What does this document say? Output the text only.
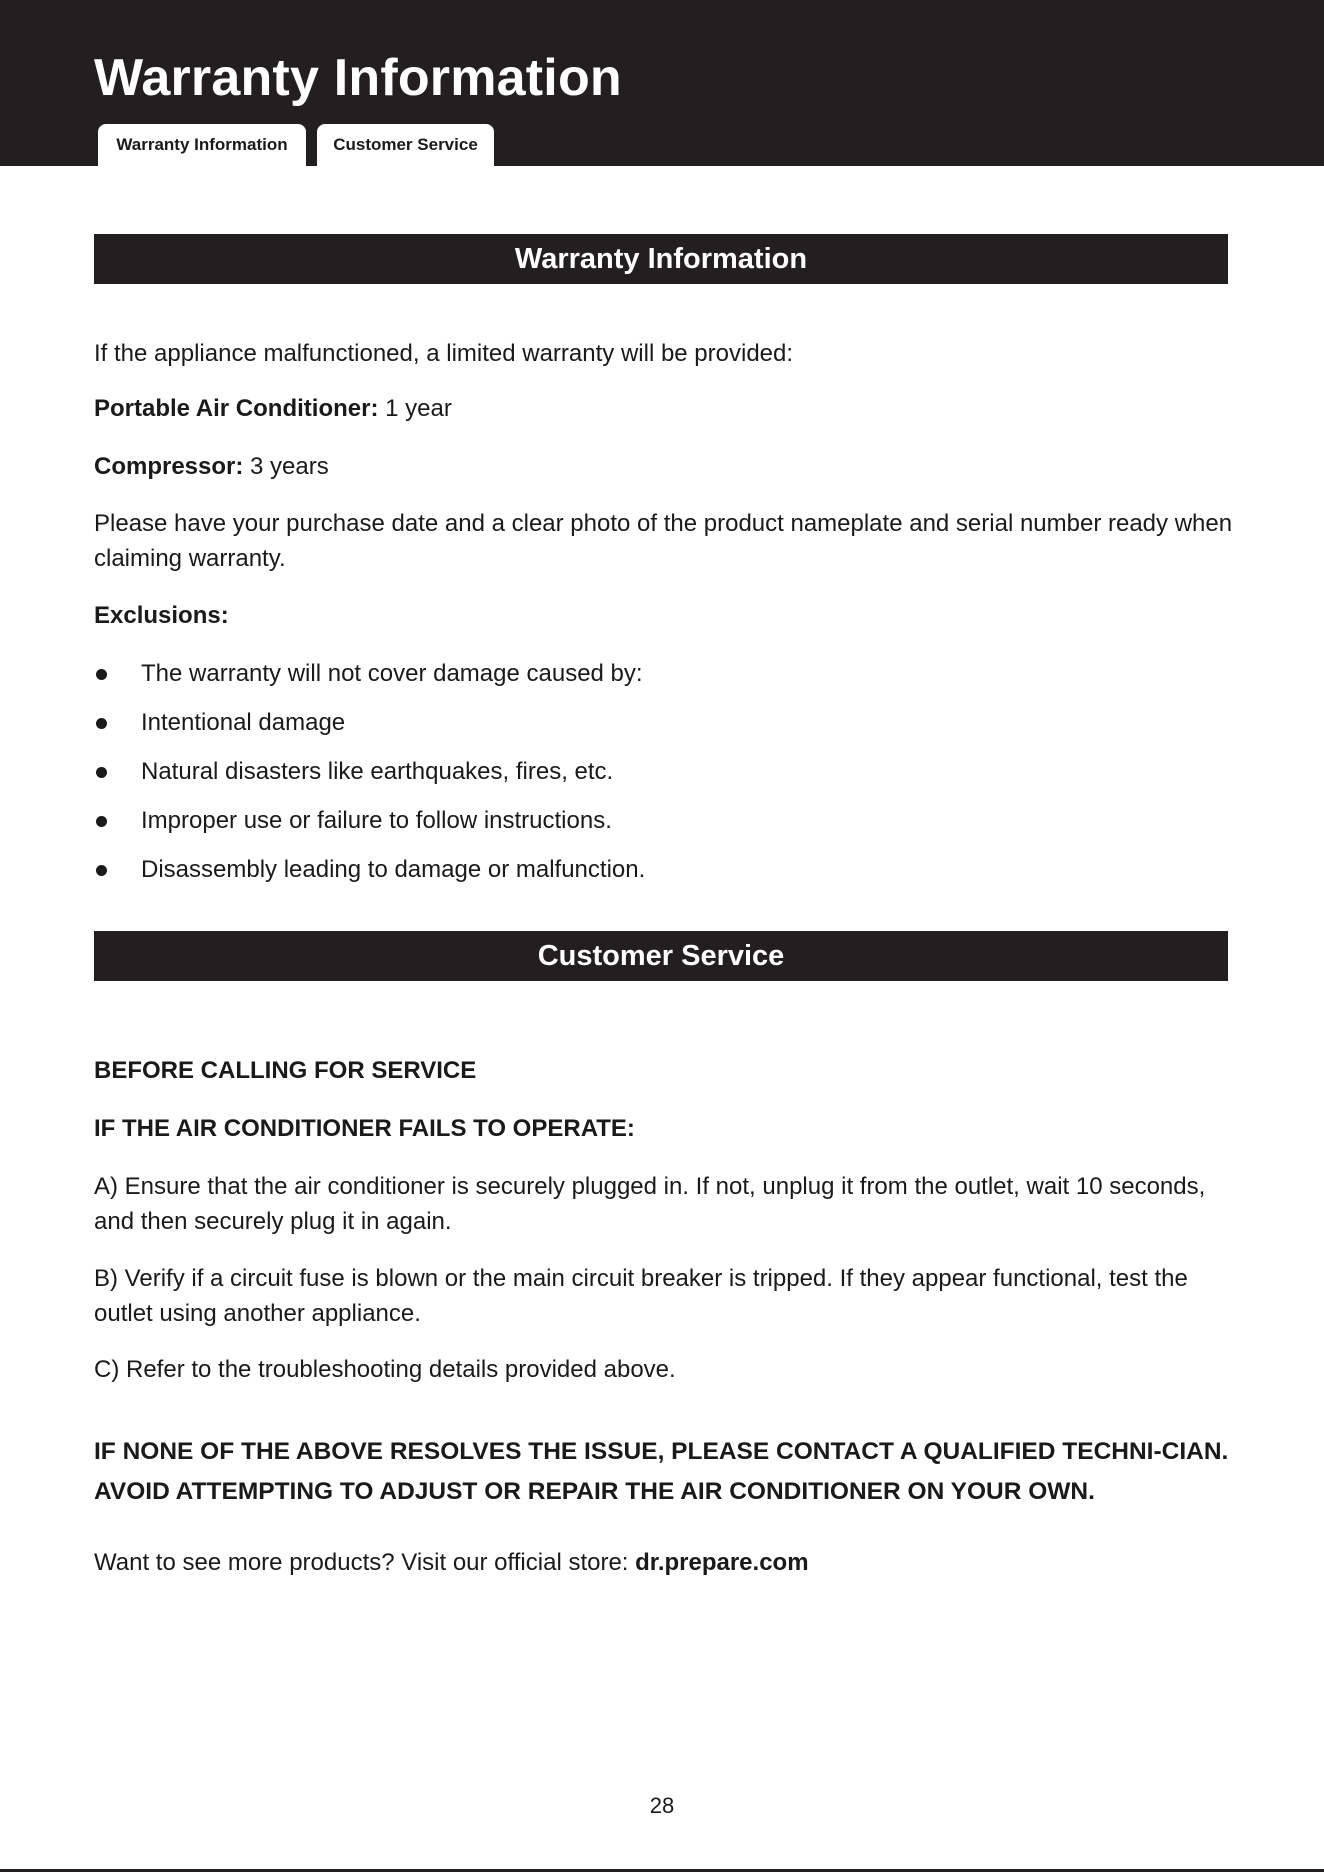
Warranty Information
Warranty Information	Customer Service
Warranty Information

If the appliance malfunctioned, a limited warranty will be provided:

Portable Air Conditioner: 1 year

Compressor: 3 years

Please have your purchase date and a clear photo of the product nameplate and serial number ready when claiming warranty.

Exclusions:

The warranty will not cover damage caused by:
Intentional damage
Natural disasters like earthquakes, fires, etc.
Improper use or failure to follow instructions.
Disassembly leading to damage or malfunction.
Customer Service

BEFORE CALLING FOR SERVICE

IF THE AIR CONDITIONER FAILS TO OPERATE:

A) Ensure that the air conditioner is securely plugged in. If not, unplug it from the outlet, wait 10 seconds, and then securely plug it in again.

B) Verify if a circuit fuse is blown or the main circuit breaker is tripped. If they appear functional, test the outlet using another appliance.

C) Refer to the troubleshooting details provided above.

IF NONE OF THE ABOVE RESOLVES THE ISSUE, PLEASE CONTACT A QUALIFIED TECHNI-CIAN. AVOID ATTEMPTING TO ADJUST OR REPAIR THE AIR CONDITIONER ON YOUR OWN.

Want to see more products? Visit our official store: dr.prepare.com

28
